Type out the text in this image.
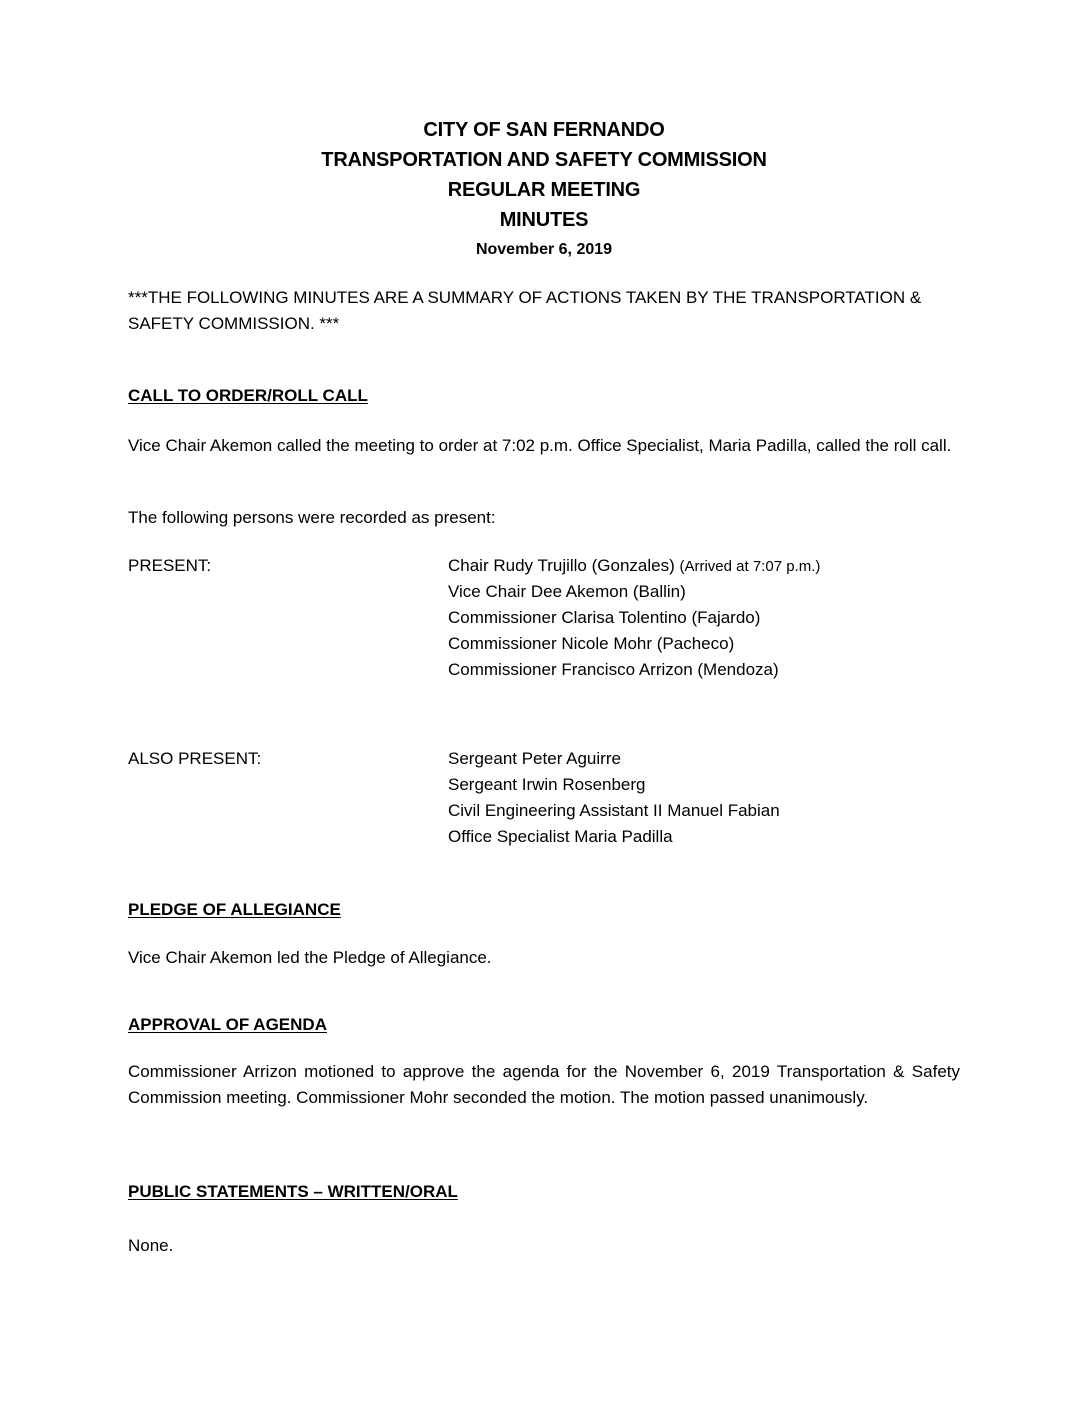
CITY OF SAN FERNANDO
TRANSPORTATION AND SAFETY COMMISSION
REGULAR MEETING
MINUTES
November 6, 2019
***THE FOLLOWING MINUTES ARE A SUMMARY OF ACTIONS TAKEN BY THE TRANSPORTATION & SAFETY COMMISSION. ***
CALL TO ORDER/ROLL CALL
Vice Chair Akemon called the meeting to order at 7:02 p.m. Office Specialist, Maria Padilla, called the roll call.
The following persons were recorded as present:
PRESENT:	Chair Rudy Trujillo (Gonzales) (Arrived at 7:07 p.m.)
Vice Chair Dee Akemon (Ballin)
Commissioner Clarisa Tolentino (Fajardo)
Commissioner Nicole Mohr (Pacheco)
Commissioner Francisco Arrizon (Mendoza)
ALSO PRESENT:	Sergeant Peter Aguirre
Sergeant Irwin Rosenberg
Civil Engineering Assistant II Manuel Fabian
Office Specialist Maria Padilla
PLEDGE OF ALLEGIANCE
Vice Chair Akemon led the Pledge of Allegiance.
APPROVAL OF AGENDA
Commissioner Arrizon motioned to approve the agenda for the November 6, 2019 Transportation & Safety Commission meeting. Commissioner Mohr seconded the motion. The motion passed unanimously.
PUBLIC STATEMENTS – WRITTEN/ORAL
None.
